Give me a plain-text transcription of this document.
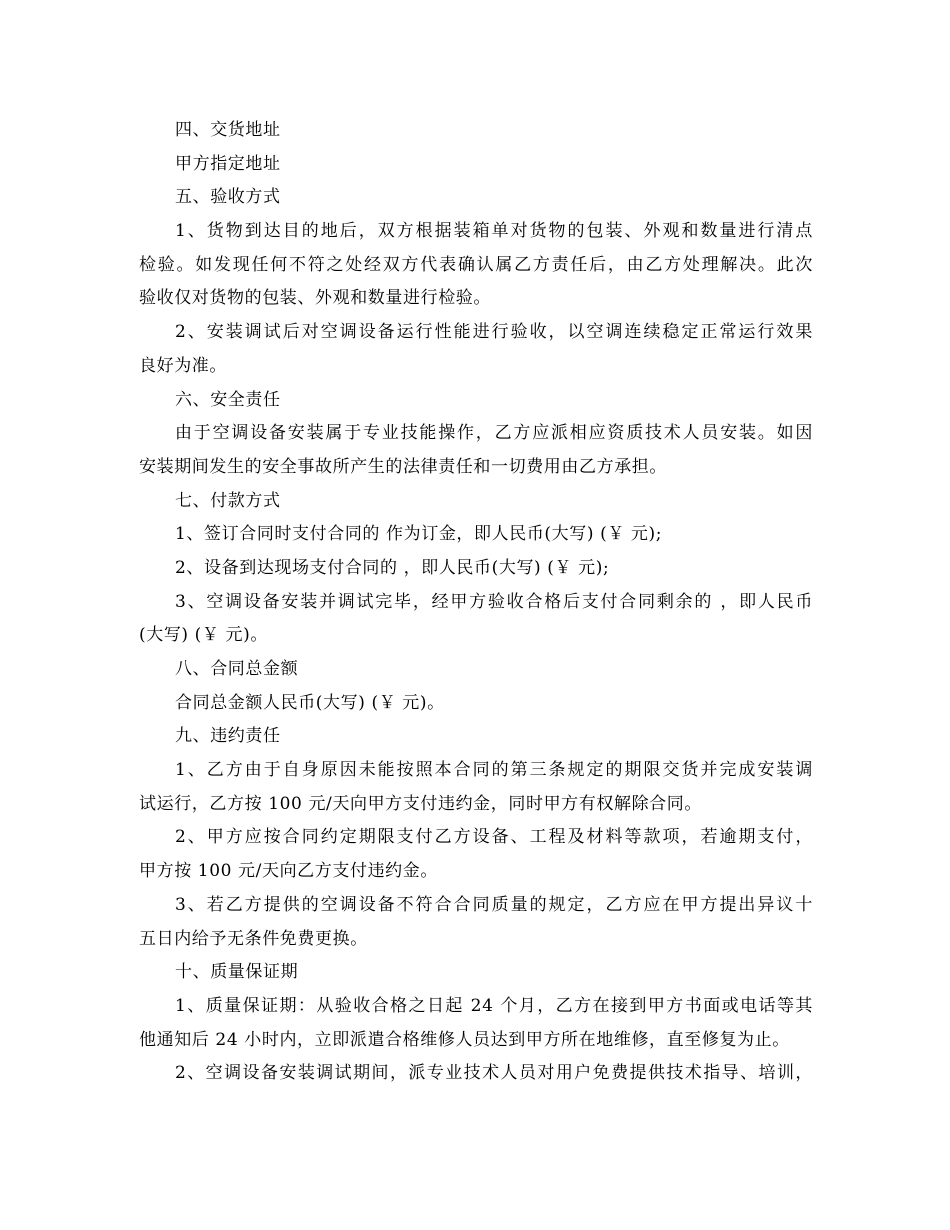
四、交货地址
甲方指定地址
五、验收方式
1、货物到达目的地后，双方根据装箱单对货物的包装、外观和数量进行清点
检验。如发现任何不符之处经双方代表确认属乙方责任后，由乙方处理解决。此次
验收仅对货物的包装、外观和数量进行检验。
2、安装调试后对空调设备运行性能进行验收，以空调连续稳定正常运行效果
良好为准。
六、安全责任
由于空调设备安装属于专业技能操作，乙方应派相应资质技术人员安装。如因
安装期间发生的安全事故所产生的法律责任和一切费用由乙方承担。
七、付款方式
1、签订合同时支付合同的 作为订金，即人民币(大写) (￥ 元);
2、设备到达现场支付合同的 ，即人民币(大写) (￥ 元);
3、空调设备安装并调试完毕，经甲方验收合格后支付合同剩余的 ，即人民币
(大写) (￥ 元)。
八、合同总金额
合同总金额人民币(大写) (￥ 元)。
九、违约责任
1、乙方由于自身原因未能按照本合同的第三条规定的期限交货并完成安装调
试运行，乙方按 100 元/天向甲方支付违约金，同时甲方有权解除合同。
2、甲方应按合同约定期限支付乙方设备、工程及材料等款项，若逾期支付，
甲方按 100 元/天向乙方支付违约金。
3、若乙方提供的空调设备不符合合同质量的规定，乙方应在甲方提出异议十
五日内给予无条件免费更换。
十、质量保证期
1、质量保证期：从验收合格之日起 24 个月，乙方在接到甲方书面或电话等其
他通知后 24 小时内，立即派遣合格维修人员达到甲方所在地维修，直至修复为止。
2、空调设备安装调试期间，派专业技术人员对用户免费提供技术指导、培训，
